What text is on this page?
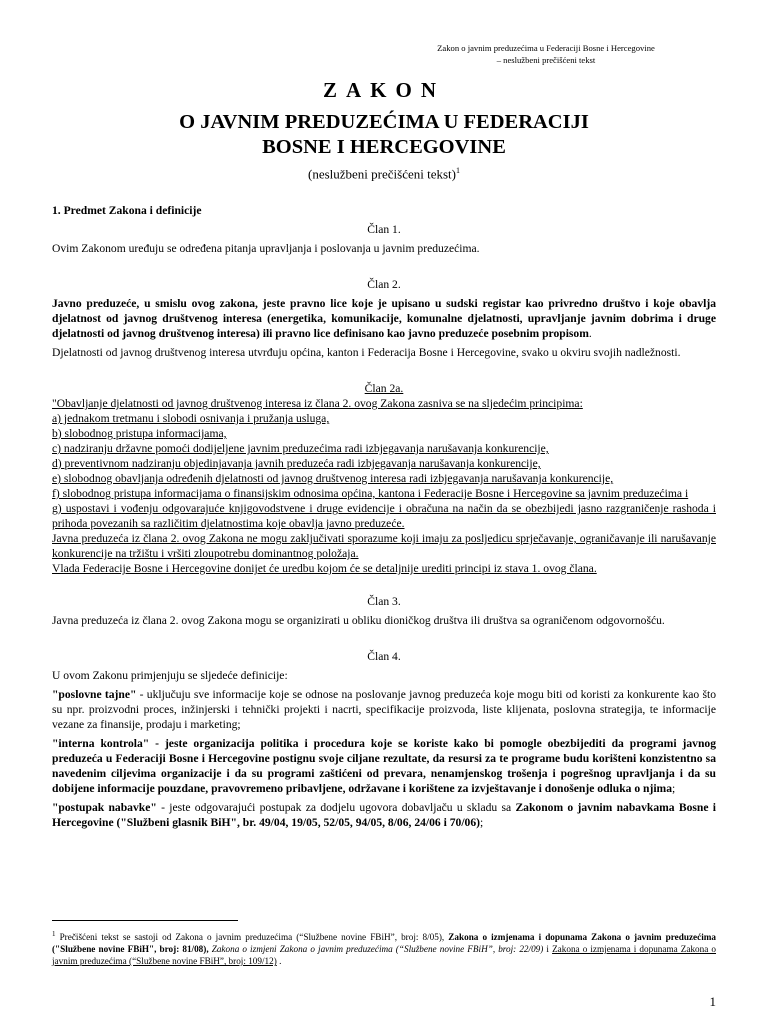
Zakon o javnim preduzećima u Federaciji Bosne i Hercegovine
– neslužbeni prečišćeni tekst
ZAKON
O JAVNIM PREDUZEĆIMA U FEDERACIJI
BOSNE I HERCEGOVINE
(neslužbeni prečišćeni tekst)$^1$

1. Predmet Zakona i definicije

Član 1.

Ovim Zakonom uređuju se određena pitanja upravljanja i poslovanja u javnim preduzećima.

Član 2.

Javno preduzeće, u smislu ovog zakona, jeste pravno lice koje je upisano u sudski registar kao privredno društvo i koje obavlja djelatnost od javnog društvenog interesa (energetika, komunikacije, komunalne djelatnosti, upravljanje javnim dobrima i druge djelatnosti od javnog društvenog interesa) ili pravno lice definisano kao javno preduzeće posebnim propisom.

Djelatnosti od javnog društvenog interesa utvrđuju općina, kanton i Federacija Bosne i Hercegovine, svako u okviru svojih nadležnosti.

Član 2a.

"Obavljanje djelatnosti od javnog društvenog interesa iz člana 2. ovog Zakona zasniva se na sljedećim principima:

a) jednakom tretmanu i slobodi osnivanja i pružanja usluga,

b) slobodnog pristupa informacijama,

c) nadziranju državne pomoći dodijeljene javnim preduzećima radi izbjegavanja narušavanja konkurencije,

d) preventivnom nadziranju objedinjavanja javnih preduzeća radi izbjegavanja narušavanja konkurencije,

e) slobodnog obavljanja određenih djelatnosti od javnog društvenog interesa radi izbjegavanja narušavanja konkurencije,

f) slobodnog pristupa informacijama o finansijskim odnosima općina, kantona i Federacije Bosne i Hercegovine sa javnim preduzećima i

g) uspostavi i vođenju odgovarajuće knjigovodstvene i druge evidencije i obračuna na način da se obezbijedi jasno razgraničenje rashoda i prihoda povezanih sa različitim djelatnostima koje obavlja javno preduzeće.

Javna preduzeća iz člana 2. ovog Zakona ne mogu zaključivati sporazume koji imaju za posljedicu sprječavanje, ograničavanje ili narušavanje konkurencije na tržištu i vršiti zloupotrebu dominantnog položaja.

Vlada Federacije Bosne i Hercegovine donijet će uredbu kojom će se detaljnije urediti principi iz stava 1. ovog člana.

Član 3.

Javna preduzeća iz člana 2. ovog Zakona mogu se organizirati u obliku dioničkog društva ili društva sa ograničenom odgovornošću.

Član 4.

U ovom Zakonu primjenjuju se sljedeće definicije:

"poslovne tajne" - uključuju sve informacije koje se odnose na poslovanje javnog preduzeća koje mogu biti od koristi za konkurente kao što su npr. proizvodni proces, inžinjerski i tehnički projekti i nacrti, specifikacije proizvoda, liste klijenata, poslovna strategija, te informacije vezane za finansije, prodaju i marketing;

"interna kontrola" - jeste organizacija politika i procedura koje se koriste kako bi pomogle obezbijediti da programi javnog preduzeća u Federaciji Bosne i Hercegovine postignu svoje ciljane rezultate, da resursi za te programe budu korišteni konzistentno sa navedenim ciljevima organizacije i da su programi zaštićeni od prevara, nenamjenskog trošenja i pogrešnog upravljanja i da su dobijene informacije pouzdane, pravovremeno pribavljene, održavane i korištene za izvještavanje i donošenje odluka o njima;

"postupak nabavke" - jeste odgovarajući postupak za dodjelu ugovora dobavljaču u skladu sa Zakonom o javnim nabavkama Bosne i Hercegovine ("Službeni glasnik BiH", br. 49/04, 19/05, 52/05, 94/05, 8/06, 24/06 i 70/06);

$^1$ Prečišćeni tekst se sastoji od Zakona o javnim preduzećima (“Službene novine FBiH”, broj: 8/05), Zakona o izmjenama i dopunama Zakona o javnim preduzećima ("Službene novine FBiH", broj: 81/08), Zakona o izmjeni Zakona o javnim preduzećima (“Službene novine FBiH”, broj: 22/09) i Zakona o izmjenama i dopunama Zakona o javnim preduzećima (“Službene novine FBiH”, broj: 109/12) .
1
